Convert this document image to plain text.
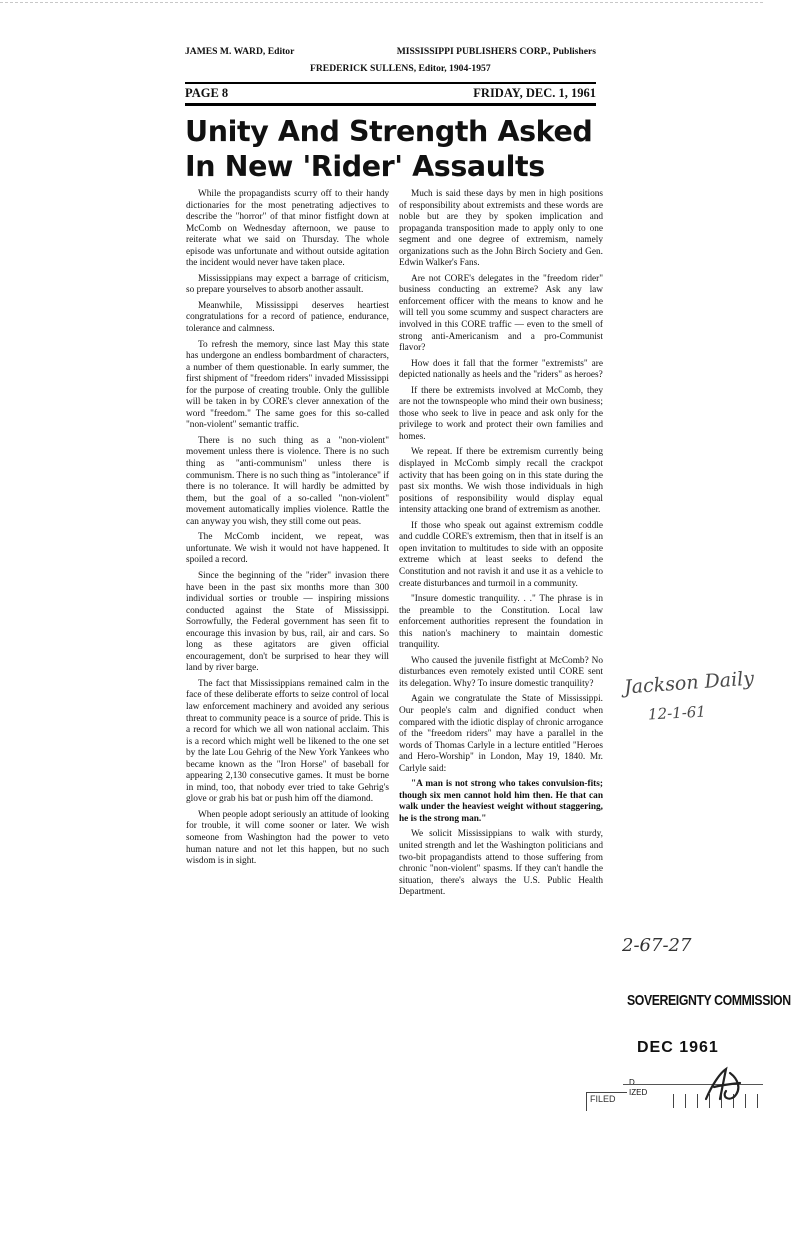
JAMES M. WARD, Editor	MISSISSIPPI PUBLISHERS CORP., Publishers
FREDERICK SULLENS, Editor, 1904-1957
PAGE 8	FRIDAY, DEC. 1, 1961
Unity And Strength Asked In New 'Rider' Assaults

While the propagandists scurry off to their handy dictionaries for the most penetrating adjectives to describe the "horror" of that minor fistfight down at McComb on Wednesday afternoon, we pause to reiterate what we said on Thursday. The whole episode was unfortunate and without outside agitation the incident would never have taken place.

Mississippians may expect a barrage of criticism, so prepare yourselves to absorb another assault.

Meanwhile, Mississippi deserves heartiest congratulations for a record of patience, endurance, tolerance and calmness.

To refresh the memory, since last May this state has undergone an endless bombardment of characters, a number of them questionable. In early summer, the first shipment of "freedom riders" invaded Mississippi for the purpose of creating trouble. Only the gullible will be taken in by CORE's clever annexation of the word "freedom." The same goes for this so-called "non-violent" semantic traffic.

There is no such thing as a "non-violent" movement unless there is violence. There is no such thing as "anti-communism" unless there is communism. There is no such thing as "intolerance" if there is no tolerance. It will hardly be admitted by them, but the goal of a so-called "non-violent" movement automatically implies violence. Rattle the can anyway you wish, they still come out peas.

The McComb incident, we repeat, was unfortunate. We wish it would not have happened. It spoiled a record.

Since the beginning of the "rider" invasion there have been in the past six months more than 300 individual sorties or trouble — inspiring missions conducted against the State of Mississippi. Sorrowfully, the Federal government has seen fit to encourage this invasion by bus, rail, air and cars. So long as these agitators are given official encouragement, don't be surprised to hear they will land by river barge.

The fact that Mississippians remained calm in the face of these deliberate efforts to seize control of local law enforcement machinery and avoided any serious threat to community peace is a source of pride. This is a record for which we all won national acclaim. This is a record which might well be likened to the one set by the late Lou Gehrig of the New York Yankees who became known as the "Iron Horse" of baseball for appearing 2,130 consecutive games. It must be borne in mind, too, that nobody ever tried to take Gehrig's glove or grab his bat or push him off the diamond.

When people adopt seriously an attitude of looking for trouble, it will come sooner or later. We wish someone from Washington had the power to veto human nature and not let this happen, but no such wisdom is in sight.

Much is said these days by men in high positions of responsibility about extremists and these words are noble but are they by spoken implication and propaganda transposition made to apply only to one segment and one degree of extremism, namely organizations such as the John Birch Society and Gen. Edwin Walker's Fans.

Are not CORE's delegates in the "freedom rider" business conducting an extreme? Ask any law enforcement officer with the means to know and he will tell you some scummy and suspect characters are involved in this CORE traffic — even to the smell of strong anti-Americanism and a pro-Communist flavor?

How does it fall that the former "extremists" are depicted nationally as heels and the "riders" as heroes?

If there be extremists involved at McComb, they are not the townspeople who mind their own business; those who seek to live in peace and ask only for the privilege to work and protect their own families and homes.

We repeat. If there be extremism currently being displayed in McComb simply recall the crackpot activity that has been going on in this state during the past six months. We wish those individuals in high positions of responsibility would display equal intensity attacking one brand of extremism as another.

If those who speak out against extremism coddle and cuddle CORE's extremism, then that in itself is an open invitation to multitudes to side with an opposite extreme which at least seeks to defend the Constitution and not ravish it and use it as a vehicle to create disturbances and turmoil in a community.

"Insure domestic tranquility. . ." The phrase is in the preamble to the Constitution. Local law enforcement authorities represent the foundation in this nation's machinery to maintain domestic tranquility.

Who caused the juvenile fistfight at McComb? No disturbances even remotely existed until CORE sent its delegation. Why? To insure domestic tranquility?

Again we congratulate the State of Mississippi. Our people's calm and dignified conduct when compared with the idiotic display of chronic arrogance of the "freedom riders" may have a parallel in the words of Thomas Carlyle in a lecture entitled "Heroes and Hero-Worship" in London, May 19, 1840. Mr. Carlyle said:

"A man is not strong who takes convulsion-fits; though six men cannot hold him then. He that can walk under the heaviest weight without staggering, he is the strong man."

We solicit Mississippians to walk with sturdy, united strength and let the Washington politicians and two-bit propagandists attend to those suffering from chronic "non-violent" spasms. If they can't handle the situation, there's always the U.S. Public Health Department.

Jackson Daily
12-1-61
2-67-27
SOVEREIGNTY COMMISSION
DEC 1961
D
IZED
FILED
